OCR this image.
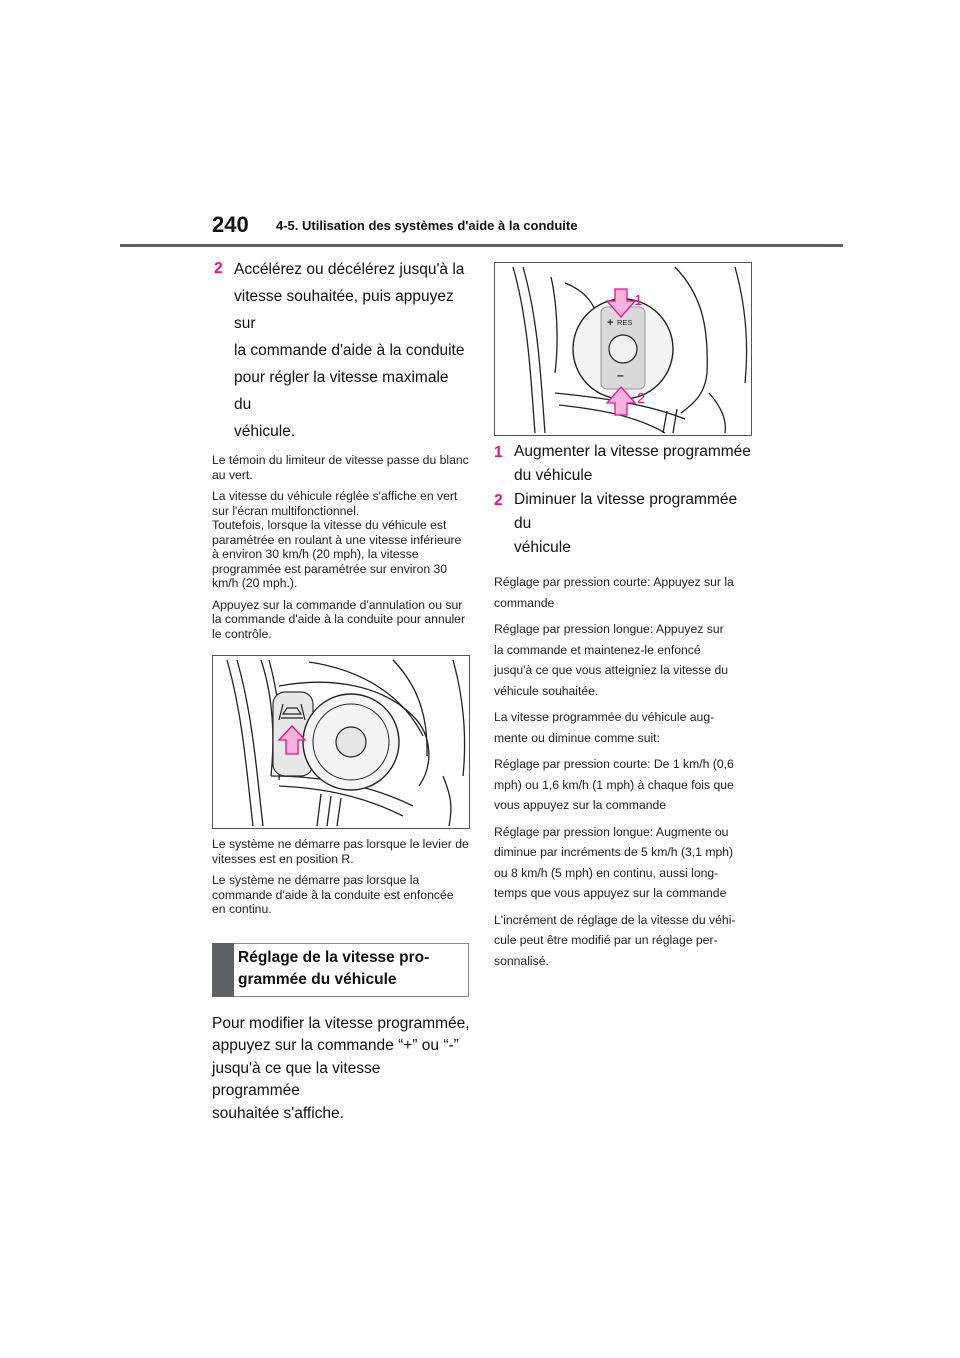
240 4-5. Utilisation des systèmes d'aide à la conduite
2 Accélérez ou décélérez jusqu'à la
vitesse souhaitée, puis appuyez sur
la commande d'aide à la conduite
pour régler la vitesse maximale du
véhicule.

Le témoin du limiteur de vitesse passe du blanc au vert.

La vitesse du véhicule réglée s'affiche en vert sur l'écran multifonctionnel.

Toutefois, lorsque la vitesse du véhicule est paramétrée en roulant à une vitesse inférieure à environ 30 km/h (20 mph), la vitesse programmée est paramétrée sur environ 30 km/h (20 mph.).

Appuyez sur la commande d'annulation ou sur la commande d'aide à la conduite pour annuler le contrôle.

Le système ne démarre pas lorsque le levier de vitesses est en position R.

Le système ne démarre pas lorsque la commande d'aide à la conduite est enfoncée en continu.

Réglage de la vitesse pro-
grammée du véhicule
Pour modifier la vitesse programmée,
appuyez sur la commande “+” ou “-”
jusqu'à ce que la vitesse programmée
souhaitée s'affiche.
+ RES
–
1
2
1 Augmenter la vitesse programmée
du véhicule
2 Diminuer la vitesse programmée du
véhicule

Réglage par pression courte: Appuyez sur la
commande

Réglage par pression longue: Appuyez sur
la commande et maintenez-le enfoncé
jusqu'à ce que vous atteigniez la vitesse du
véhicule souhaitée.

La vitesse programmée du véhicule aug-
mente ou diminue comme suit:

Réglage par pression courte: De 1 km/h (0,6
mph) ou 1,6 km/h (1 mph) à chaque fois que
vous appuyez sur la commande

Réglage par pression longue: Augmente ou
diminue par incréments de 5 km/h (3,1 mph)
ou 8 km/h (5 mph) en continu, aussi long-
temps que vous appuyez sur la commande

L'incrément de réglage de la vitesse du véhi-
cule peut être modifié par un réglage per-
sonnalisé.
